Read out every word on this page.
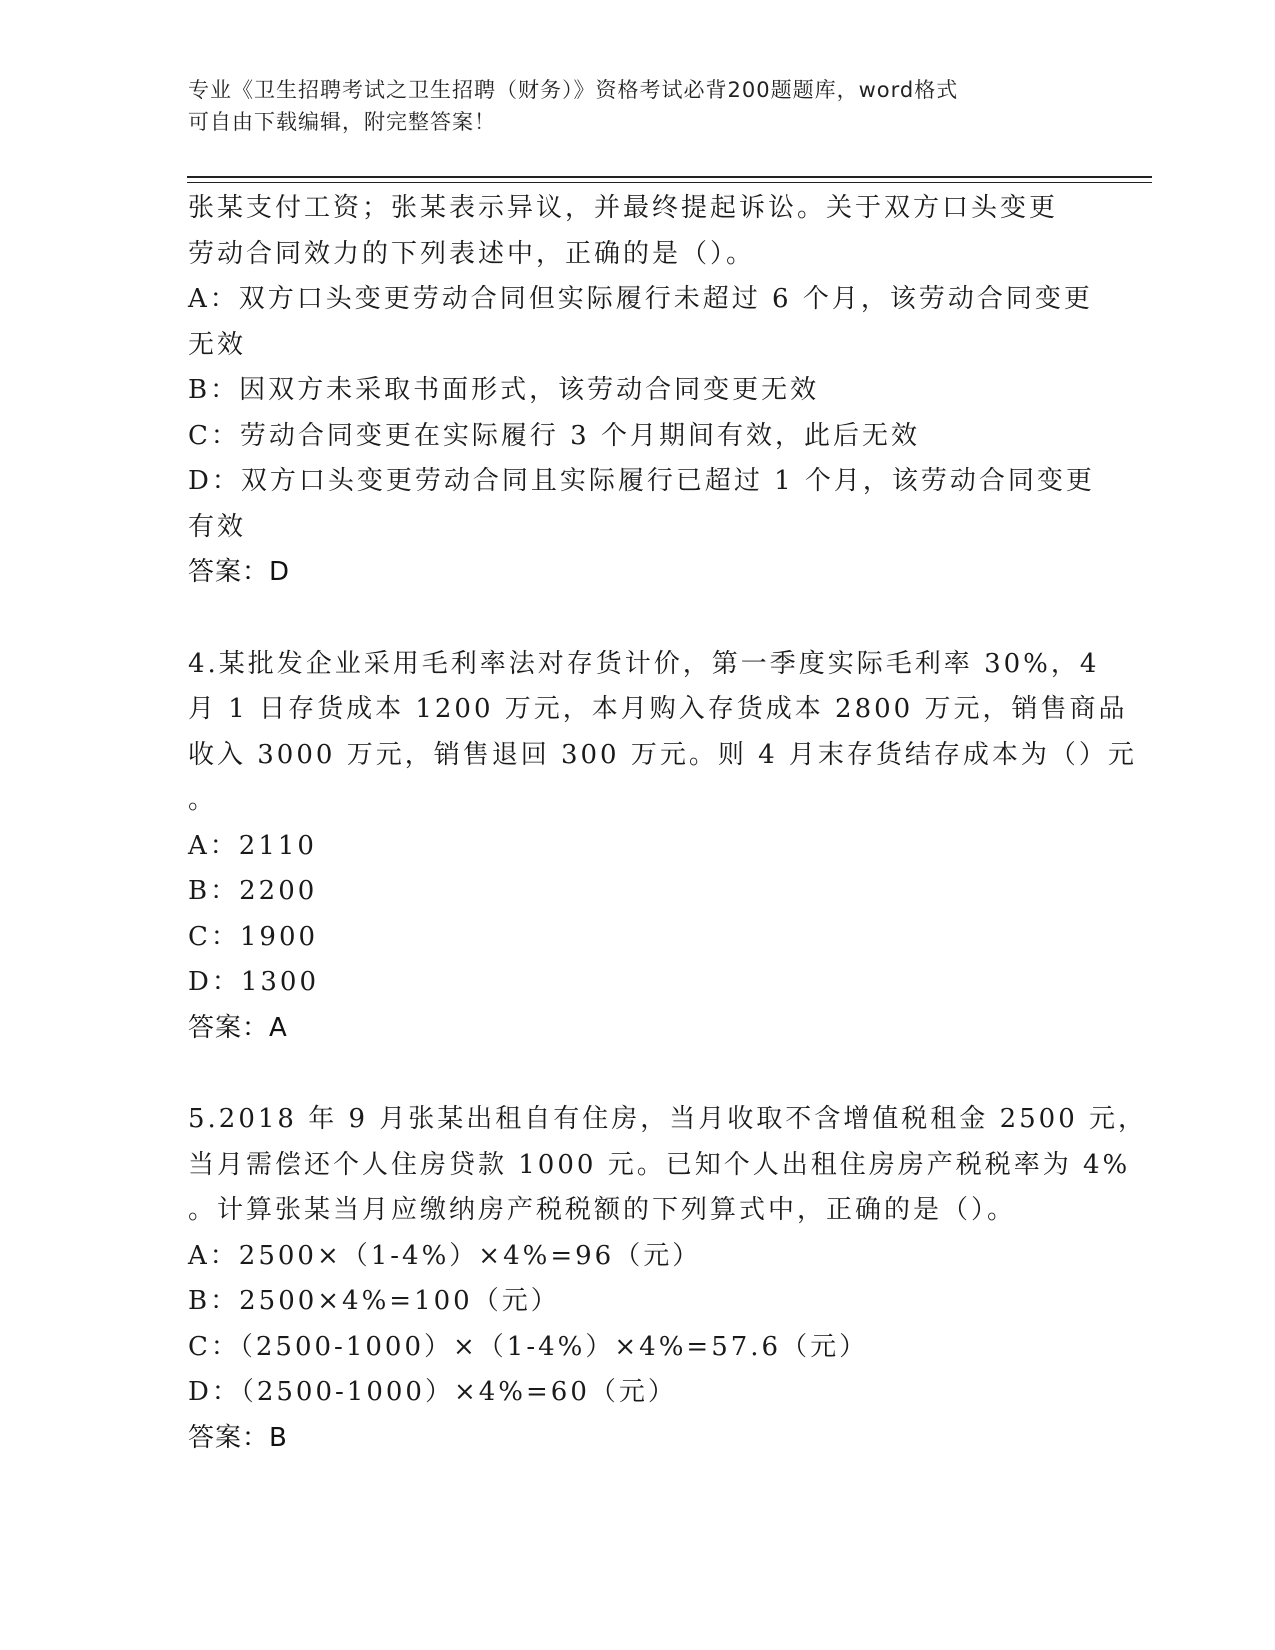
专业《卫生招聘考试之卫生招聘（财务）》资格考试必背200题题库，word格式
可自由下载编辑，附完整答案！
张某支付工资；张某表示异议，并最终提起诉讼。关于双方口头变更
劳动合同效力的下列表述中，正确的是（）。
A：双方口头变更劳动合同但实际履行未超过 6 个月，该劳动合同变更
无效
B：因双方未采取书面形式，该劳动合同变更无效
C：劳动合同变更在实际履行 3 个月期间有效，此后无效
D：双方口头变更劳动合同且实际履行已超过 1 个月，该劳动合同变更
有效
答案：D
4.某批发企业采用毛利率法对存货计价，第一季度实际毛利率 30%，4
月 1 日存货成本 1200 万元，本月购入存货成本 2800 万元，销售商品
收入 3000 万元，销售退回 300 万元。则 4 月末存货结存成本为（）元
。
A：2110
B：2200
C：1900
D：1300
答案：A
5.2018 年 9 月张某出租自有住房，当月收取不含增值税租金 2500 元，
当月需偿还个人住房贷款 1000 元。已知个人出租住房房产税税率为 4%
。计算张某当月应缴纳房产税税额的下列算式中，正确的是（）。
A：2500×（1-4%）×4%=96（元）
B：2500×4%=100（元）
C：（2500-1000）×（1-4%）×4%=57.6（元）
D：（2500-1000）×4%=60（元）
答案：B
